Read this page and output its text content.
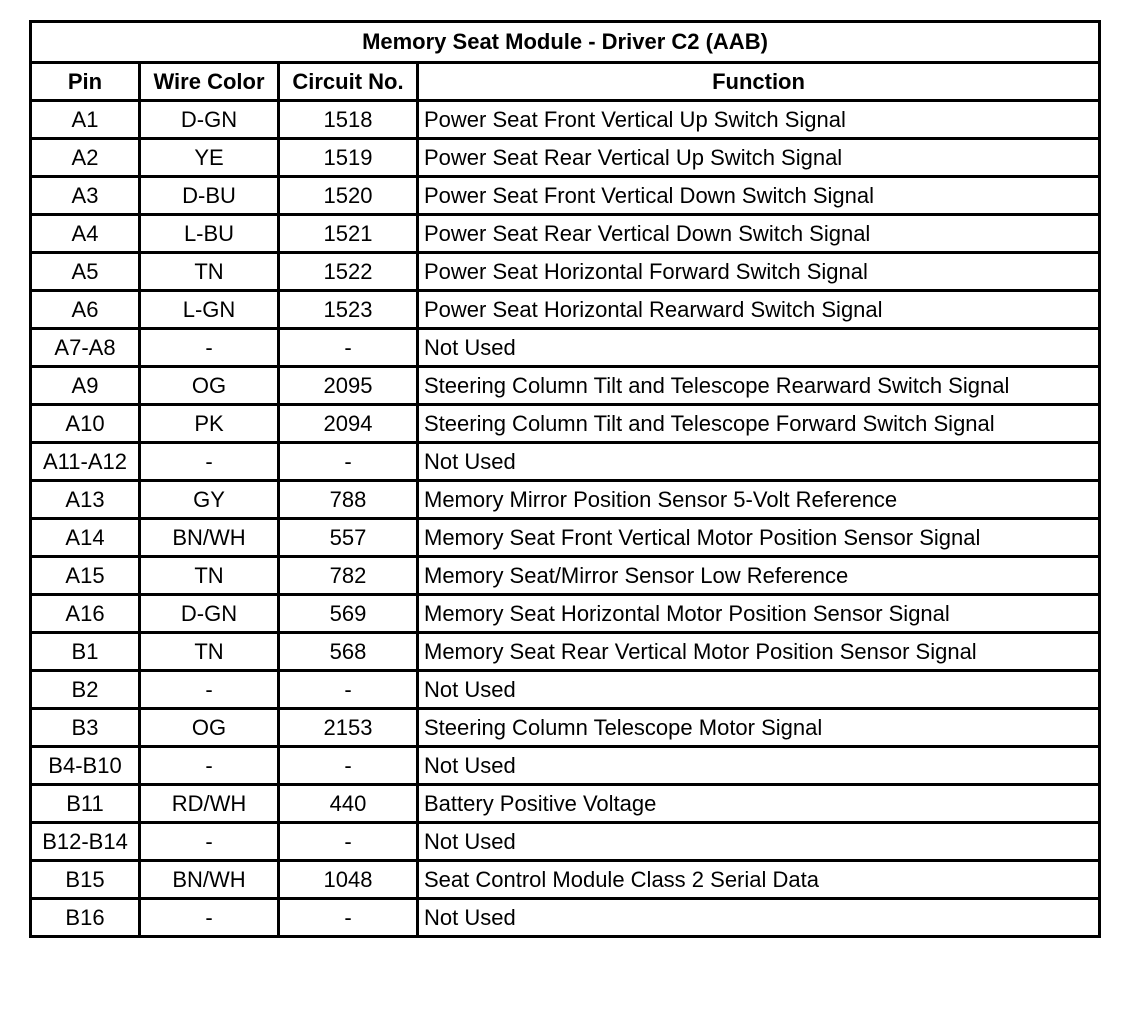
Memory Seat Module - Driver C2 (AAB)			
Pin	Wire Color	Circuit No.	Function
A1	D-GN	1518	Power Seat Front Vertical Up Switch Signal
A2	YE	1519	Power Seat Rear Vertical Up Switch Signal
A3	D-BU	1520	Power Seat Front Vertical Down Switch Signal
A4	L-BU	1521	Power Seat Rear Vertical Down Switch Signal
A5	TN	1522	Power Seat Horizontal Forward Switch Signal
A6	L-GN	1523	Power Seat Horizontal Rearward Switch Signal
A7-A8	-	-	Not Used
A9	OG	2095	Steering Column Tilt and Telescope Rearward Switch Signal
A10	PK	2094	Steering Column Tilt and Telescope Forward Switch Signal
A11-A12	-	-	Not Used
A13	GY	788	Memory Mirror Position Sensor 5-Volt Reference
A14	BN/WH	557	Memory Seat Front Vertical Motor Position Sensor Signal
A15	TN	782	Memory Seat/Mirror Sensor Low Reference
A16	D-GN	569	Memory Seat Horizontal Motor Position Sensor Signal
B1	TN	568	Memory Seat Rear Vertical Motor Position Sensor Signal
B2	-	-	Not Used
B3	OG	2153	Steering Column Telescope Motor Signal
B4-B10	-	-	Not Used
B11	RD/WH	440	Battery Positive Voltage
B12-B14	-	-	Not Used
B15	BN/WH	1048	Seat Control Module Class 2 Serial Data
B16	-	-	Not Used
